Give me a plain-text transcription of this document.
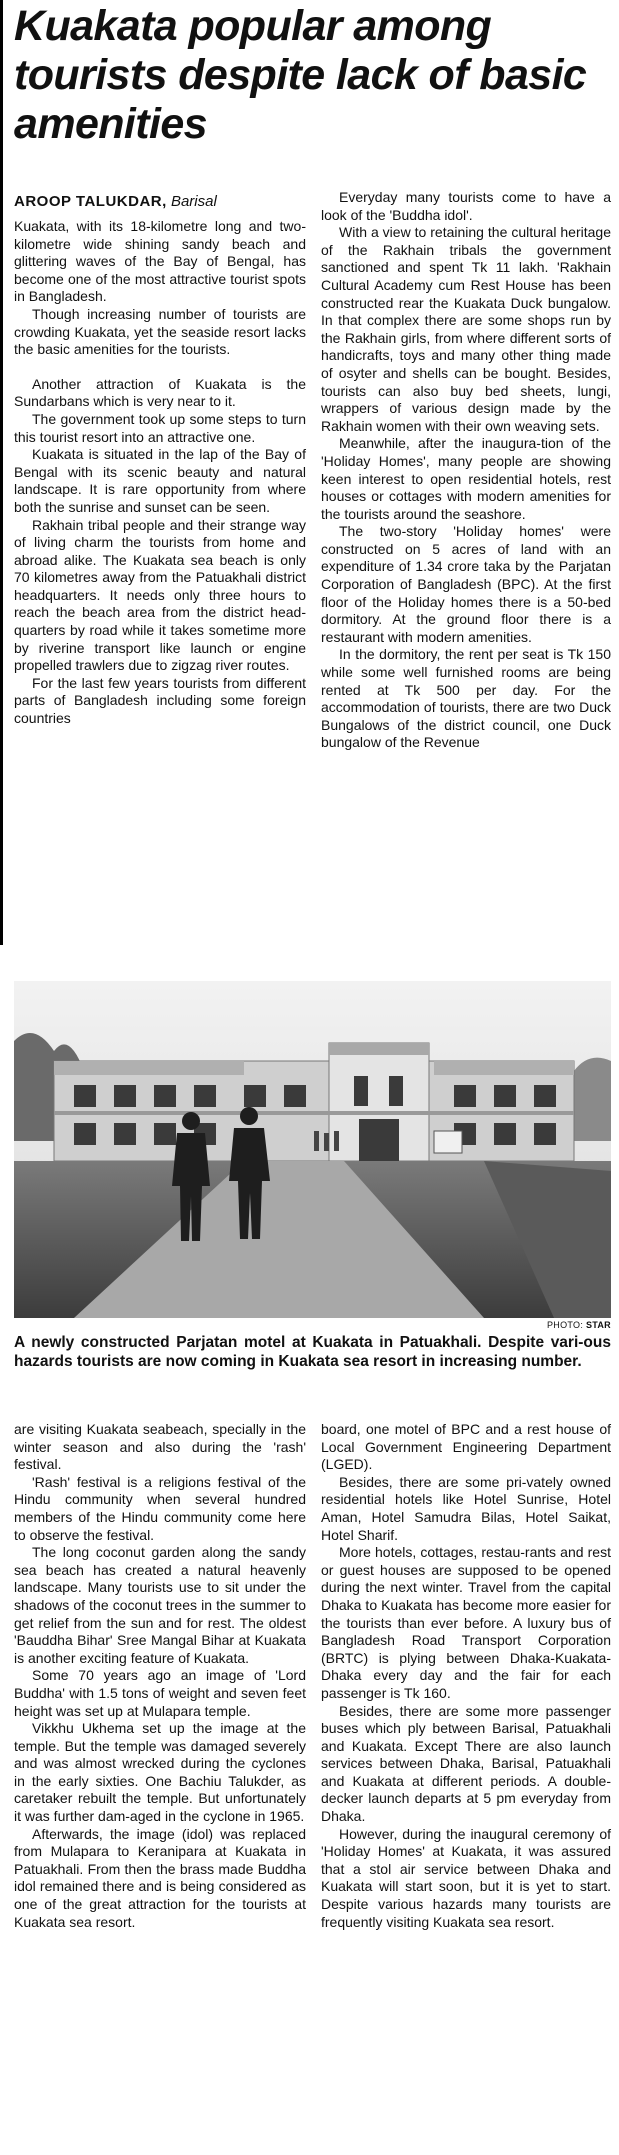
Kuakata popular among tourists despite lack of basic amenities
AROOP TALUKDAR, Barisal

Kuakata, with its 18-kilometre long and two-kilometre wide shining sandy beach and glittering waves of the Bay of Bengal, has become one of the most attractive tourist spots in Bangladesh.

Though increasing number of tourists are crowding Kuakata, yet the seaside resort lacks the basic amenities for the tourists.

Another attraction of Kuakata is the Sundarbans which is very near to it.

The government took up some steps to turn this tourist resort into an attractive one.

Kuakata is situated in the lap of the Bay of Bengal with its scenic beauty and natural landscape. It is rare opportunity from where both the sunrise and sunset can be seen.

Rakhain tribal people and their strange way of living charm the tourists from home and abroad alike. The Kuakata sea beach is only 70 kilometres away from the Patuakhali district headquarters. It needs only three hours to reach the beach area from the district head-quarters by road while it takes sometime more by riverine transport like launch or engine propelled trawlers due to zigzag river routes.

For the last few years tourists from different parts of Bangladesh including some foreign countries

Everyday many tourists come to have a look of the 'Buddha idol'.

With a view to retaining the cultural heritage of the Rakhain tribals the government sanctioned and spent Tk 11 lakh. 'Rakhain Cultural Academy cum Rest House has been constructed rear the Kuakata Duck bungalow. In that complex there are some shops run by the Rakhain girls, from where different sorts of handicrafts, toys and many other thing made of osyter and shells can be bought. Besides, tourists can also buy bed sheets, lungi, wrappers of various design made by the Rakhain women with their own weaving sets.

Meanwhile, after the inaugura-tion of the 'Holiday Homes', many people are showing keen interest to open residential hotels, rest houses or cottages with modern amenities for the tourists around the seashore.

The two-story 'Holiday homes' were constructed on 5 acres of land with an expenditure of 1.34 crore taka by the Parjatan Corporation of Bangladesh (BPC). At the first floor of the Holiday homes there is a 50-bed dormitory. At the ground floor there is a restaurant with modern amenities.

In the dormitory, the rent per seat is Tk 150 while some well furnished rooms are being rented at Tk 500 per day. For the accommodation of tourists, there are two Duck Bungalows of the district council, one Duck bungalow of the Revenue

PHOTO: STAR
A newly constructed Parjatan motel at Kuakata in Patuakhali. Despite vari-ous hazards tourists are now coming in Kuakata sea resort in increasing number.

are visiting Kuakata seabeach, specially in the winter season and also during the 'rash' festival.

'Rash' festival is a religions festival of the Hindu community when several hundred members of the Hindu community come here to observe the festival.

The long coconut garden along the sandy sea beach has created a natural heavenly landscape. Many tourists use to sit under the shadows of the coconut trees in the summer to get relief from the sun and for rest. The oldest 'Bauddha Bihar' Sree Mangal Bihar at Kuakata is another exciting feature of Kuakata.

Some 70 years ago an image of 'Lord Buddha' with 1.5 tons of weight and seven feet height was set up at Mulapara temple.

Vikkhu Ukhema set up the image at the temple. But the temple was damaged severely and was almost wrecked during the cyclones in the early sixties. One Bachiu Talukder, as caretaker rebuilt the temple. But unfortunately it was further dam-aged in the cyclone in 1965.

Afterwards, the image (idol) was replaced from Mulapara to Keranipara at Kuakata in Patuakhali. From then the brass made Buddha idol remained there and is being considered as one of the great attraction for the tourists at Kuakata sea resort.

board, one motel of BPC and a rest house of Local Government Engineering Department (LGED).

Besides, there are some pri-vately owned residential hotels like Hotel Sunrise, Hotel Aman, Hotel Samudra Bilas, Hotel Saikat, Hotel Sharif.

More hotels, cottages, restau-rants and rest or guest houses are supposed to be opened during the next winter. Travel from the capital Dhaka to Kuakata has become more easier for the tourists than ever before. A luxury bus of Bangladesh Road Transport Corporation (BRTC) is plying between Dhaka-Kuakata-Dhaka every day and the fair for each passenger is Tk 160.

Besides, there are some more passenger buses which ply between Barisal, Patuakhali and Kuakata. Except There are also launch services between Dhaka, Barisal, Patuakhali and Kuakata at different periods. A double-decker launch departs at 5 pm everyday from Dhaka.

However, during the inaugural ceremony of 'Holiday Homes' at Kuakata, it was assured that a stol air service between Dhaka and Kuakata will start soon, but it is yet to start. Despite various hazards many tourists are frequently visiting Kuakata sea resort.
